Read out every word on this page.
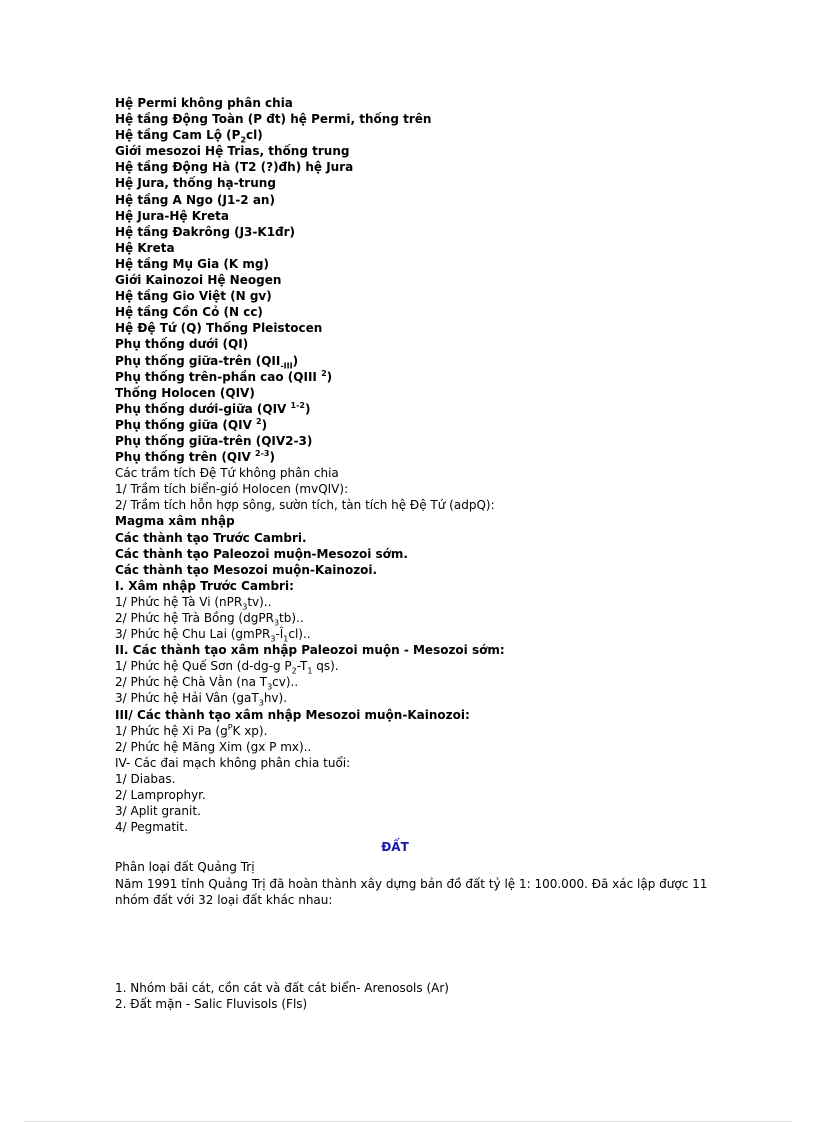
Hệ Permi không phân chia
Hệ tầng Động Toàn (P đt) hệ Permi, thống trên
Hệ tầng Cam Lộ $(P_2cl)$
Giới mesozoi Hệ Trias, thống trung
Hệ tầng Động Hà (T2 (?)đh) hệ Jura
Hệ Jura, thống hạ-trung
Hệ tầng A Ngo (J1-2 an)
Hệ Jura-Hệ Kreta
Hệ tầng Đakrông (J3-K1đr)
Hệ Kreta
Hệ tầng Mụ Gia (K mg)
Giới Kainozoi Hệ Neogen
Hệ tầng Gio Việt (N gv)
Hệ tầng Cồn Cỏ (N cc)
Hệ Đệ Tứ (Q) Thống Pleistocen
Phụ thống dưới (QI)
Phụ thống giữa-trên $(QII_{-III})$
Phụ thống trên-phần cao (QIII $^2$)
Thống Holocen (QIV)
Phụ thống dưới-giữa (QIV $^{1-2}$)
Phụ thống giữa (QIV $^2$)
Phụ thống giữa-trên (QIV2-3)
Phụ thống trên (QIV $^{2-3}$)
Các trầm tích Đệ Tứ không phân chia
1/ Trầm tích biển-gió Holocen (mvQIV):
2/ Trầm tích hỗn hợp sông, sườn tích, tàn tích hệ Đệ Tứ (adpQ):
Magma xâm nhập
Các thành tạo Trước Cambri.
Các thành tạo Paleozoi muộn-Mesozoi sớm.
Các thành tạo Mesozoi muộn-Kainozoi.
I. Xâm nhập Trước Cambri:
1/ Phức hệ Tà Vi (nPR$_3$tv)..
2/ Phức hệ Trà Bồng (dgPR$_3$tb)..
3/ Phức hệ Chu Lai $(gmPR_3-Î_1cl)$..
II. Các thành tạo xâm nhập Paleozoi muộn - Mesozoi sớm:
1/ Phức hệ Quế Sơn (d-dg-g $P_2-T_1$ qs).
2/ Phức hệ Chà Vằn (na $T_3cv$)..
3/ Phức hệ Hải Vân (gaT$_3$hv).
III/ Các thành tạo xâm nhập Mesozoi muộn-Kainozoi:
1/ Phức hệ Xi Pa ($g^PK$ xp).
2/ Phức hệ Măng Xim (gx P mx)..
IV- Các đai mạch không phân chia tuổi:
1/ Diabas.
2/ Lamprophyr.
3/ Aplit granit.
4/ Pegmatit.
ĐẤT
Phân loại đất Quảng Trị
Năm 1991 tỉnh Quảng Trị đã hoàn thành xây dựng bản đồ đất tỷ lệ 1: 100.000. Đã xác lập được 11 nhóm đất với 32 loại đất khác nhau:
1. Nhóm bãi cát, cồn cát và đất cát biển- Arenosols (Ar)
2. Đất mặn - Salic Fluvisols (Fls)
